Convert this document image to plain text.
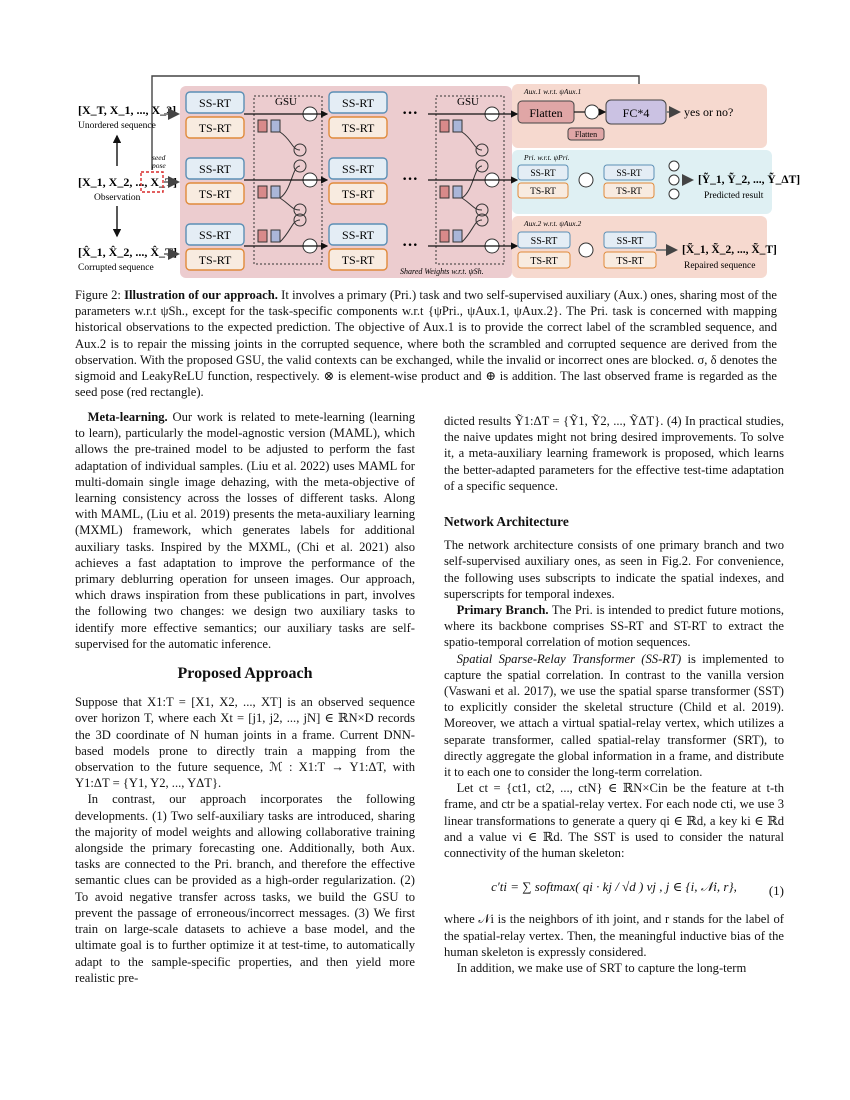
GSU	GSU
[X_T, X_1, ..., X_2]
Unordered sequence
[X_1, X_2, ..., X_T]
Observation
[X̂_1, X̂_2, ..., X̂_T]
Corrupted sequence
seed
pose
SS-RT
TS-RT
SS-RT
TS-RT
SS-RT
TS-RT
SS-RT
TS-RT
SS-RT
TS-RT
SS-RT
TS-RT
···
···
···
Shared Weights w.r.t. ψSh.
Aux.1 w.r.t. ψAux.1
Flatten	FC*4
Flatten
yes or no?
Pri. w.r.t. ψPri.
SS-RT
TS-RT
SS-RT
TS-RT
[Ỹ_1, Ỹ_2, ..., Ỹ_ΔT]
Predicted result
Aux.2 w.r.t. ψAux.2
SS-RT
TS-RT
SS-RT
TS-RT
[X̃_1, X̃_2, ..., X̃_T]
Repaired sequence
Figure 2: Illustration of our approach. It involves a primary (Pri.) task and two self-supervised auxiliary (Aux.) ones, sharing most of the parameters w.r.t ψSh., except for the task-specific components w.r.t {ψPri., ψAux.1, ψAux.2}. The Pri. task is concerned with mapping historical observations to the expected prediction. The objective of Aux.1 is to provide the correct label of the scrambled sequence, and Aux.2 is to repair the missing joints in the corrupted sequence, where both the scrambled and corrupted sequence are derived from the observation. With the proposed GSU, the valid contexts can be exchanged, while the invalid or incorrect ones are blocked. σ, δ denotes the sigmoid and LeakyReLU function, respectively. ⊗ is element-wise product and ⊕ is addition. The last observed frame is regarded as the seed pose (red rectangle).

Meta-learning. Our work is related to mete-learning (learning to learn), particularly the model-agnostic version (MAML), which allows the pre-trained model to be adjusted to perform the fast adaptation of individual samples. (Liu et al. 2022) uses MAML for multi-domain single image dehazing, with the meta-objective of learning consistency across the losses of different tasks. Along with MAML, (Liu et al. 2019) presents the meta-auxiliary learning (MXML) framework, which generates labels for additional auxiliary tasks. Inspired by the MXML, (Chi et al. 2021) also achieves a fast adaptation to improve the performance of the primary deblurring operation for unseen images. Our approach, which draws inspiration from these publications in part, involves the following two changes: we design two auxiliary tasks to identify more effective semantics; our auxiliary tasks are self-supervised for the automatic inference.

Proposed Approach

Suppose that X1:T = [X1, X2, ..., XT] is an observed sequence over horizon T, where each Xt = [j1, j2, ..., jN] ∈ ℝN×D records the 3D coordinate of N human joints in a frame. Current DNN-based models prone to directly train a mapping from the observation to the future sequence, ℳ : X1:T → Y1:ΔT, with Y1:ΔT = {Y1, Y2, ..., YΔT}.

In contrast, our approach incorporates the following developments. (1) Two self-auxiliary tasks are introduced, sharing the majority of model weights and allowing collaborative training alongside the primary forecasting one. Additionally, both Aux. tasks are connected to the Pri. branch, and therefore the effective semantic clues can be provided as a high-order regularization. (2) To avoid negative transfer across tasks, we build the GSU to prevent the passage of erroneous/incorrect messages. (3) We first train on large-scale datasets to achieve a base model, and the ultimate goal is to further optimize it at test-time, to automatically adapt to the sample-specific properties, and then yield more realistic pre-

dicted results Ỹ1:ΔT = {Ỹ1, Ỹ2, ..., ỸΔT}. (4) In practical studies, the naive updates might not bring desired improvements. To solve it, a meta-auxiliary learning framework is proposed, which learns the better-adapted parameters for the effective test-time adaptation of a specific sequence.

Network Architecture

The network architecture consists of one primary branch and two self-supervised auxiliary ones, as seen in Fig.2. For convenience, the following uses subscripts to indicate the spatial indexes, and superscripts for temporal indexes.

Primary Branch. The Pri. is intended to predict future motions, where its backbone comprises SS-RT and ST-RT to extract the spatio-temporal correlation of motion sequences.

Spatial Sparse-Relay Transformer (SS-RT) is implemented to capture the spatial correlation. In contrast to the vanilla version (Vaswani et al. 2017), we use the spatial sparse transformer (SST) to explicitly consider the skeletal structure (Child et al. 2019). Moreover, we attach a virtual spatial-relay vertex, which utilizes a separate transformer, called spatial-relay transformer (SRT), to directly aggregate the global information in a frame, and distribute it to each one to consider the long-term correlation.

Let ct = {ct1, ct2, ..., ctN} ∈ ℝN×Cin be the feature at t-th frame, and ctr be a spatial-relay vertex. For each node cti, we use 3 linear transformations to generate a query qi ∈ ℝd, a key ki ∈ ℝd and a value vi ∈ ℝd. The SST is used to consider the natural connectivity of the human skeleton:

c′ti = ∑ softmax( qi · kj / √d ) vj , j ∈ {i, 𝒩i, r}, (1)

where 𝒩i is the neighbors of ith joint, and r stands for the label of the spatial-relay vertex. Then, the meaningful inductive bias of the human skeleton is expressly considered.

In addition, we make use of SRT to capture the long-term
